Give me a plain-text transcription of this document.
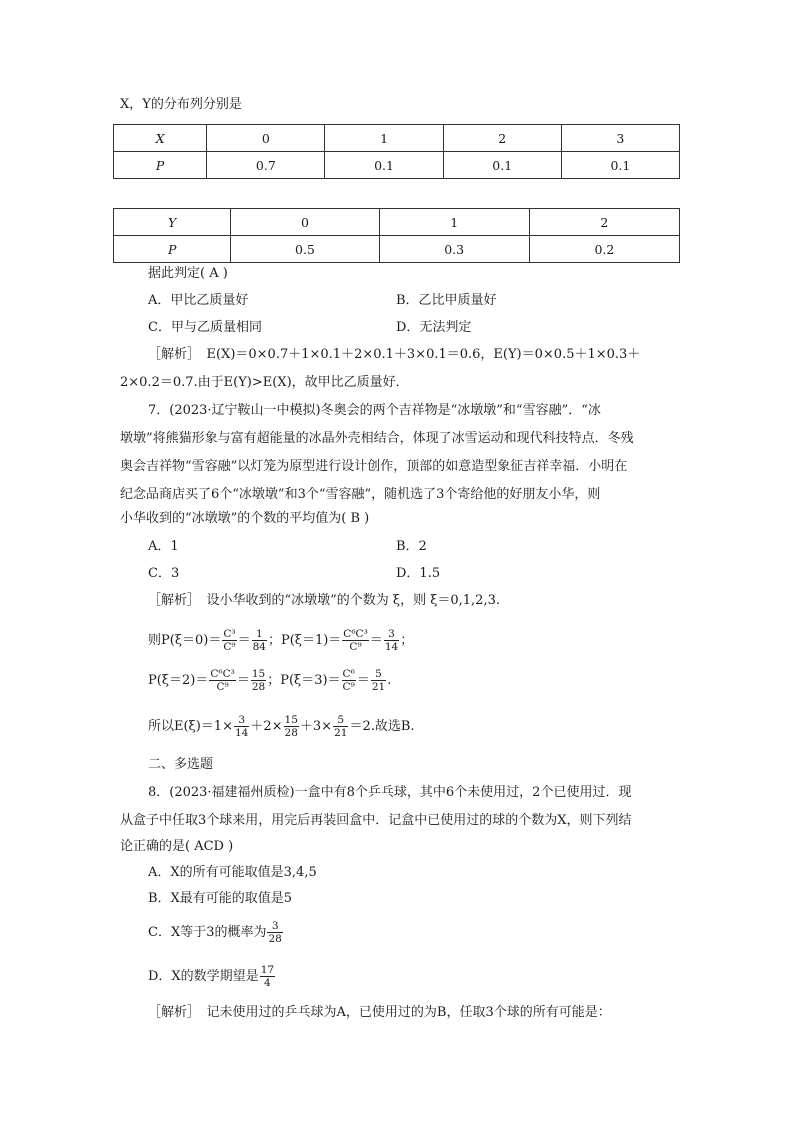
X，Y的分布列分别是
X	0	1	2	3
P	0.7	0.1	0.1	0.1
Y	0	1	2
P	0.5	0.3	0.2
据此判定( A )
A．甲比乙质量好	B．乙比甲质量好
C．甲与乙质量相同	D．无法判定
［解析］　E(X)＝0×0.7＋1×0.1＋2×0.1＋3×0.1＝0.6，E(Y)＝0×0.5＋1×0.3＋
2×0.2＝0.7.由于E(Y)>E(X)，故甲比乙质量好．
7．(2023·辽宁鞍山一中模拟)冬奥会的两个吉祥物是“冰墩墩”和“雪容融”．“冰
墩墩”将熊猫形象与富有超能量的冰晶外壳相结合，体现了冰雪运动和现代科技特点．冬残
奥会吉祥物“雪容融”以灯笼为原型进行设计创作，顶部的如意造型象征吉祥幸福．小明在
纪念品商店买了6个“冰墩墩”和3个“雪容融”，随机选了3个寄给他的好朋友小华，则
小华收到的“冰墩墩”的个数的平均值为( B )
A．1	B．2
C．3	D．1.5
［解析］　设小华收到的“冰墩墩”的个数为 ξ，则 ξ＝0,1,2,3.
则$P(\xi=0)= \frac{\text{C³}}{\text{C⁹}} = \frac{1}{84}$ ；$P(\xi=1)= \frac{\text{C⁶C³}}{\text{C⁹}} = \frac{3}{14}$ ；
$P(\xi=2)= \frac{\text{C⁶C³}}{\text{C⁹}} = \frac{15}{28}$ ；$P(\xi=3)= \frac{\text{C⁶}}{\text{C⁹}} = \frac{5}{21}$ .
所以$E(\xi)=1\times \frac{3}{14} +2\times \frac{15}{28} +3\times \frac{5}{21} =2$.故选B.
二、多选题
8．(2023·福建福州质检)一盒中有8个乒乓球，其中6个未使用过，2个已使用过．现
从盒子中任取3个球来用，用完后再装回盒中．记盒中已使用过的球的个数为X，则下列结
论正确的是( ACD )
A．X的所有可能取值是3,4,5
B．X最有可能的取值是5
C．X等于3的概率为 $\frac{3}{28}$
D．X的数学期望是 $\frac{17}{4}$
［解析］　记未使用过的乒乓球为A，已使用过的为B，任取3个球的所有可能是：
